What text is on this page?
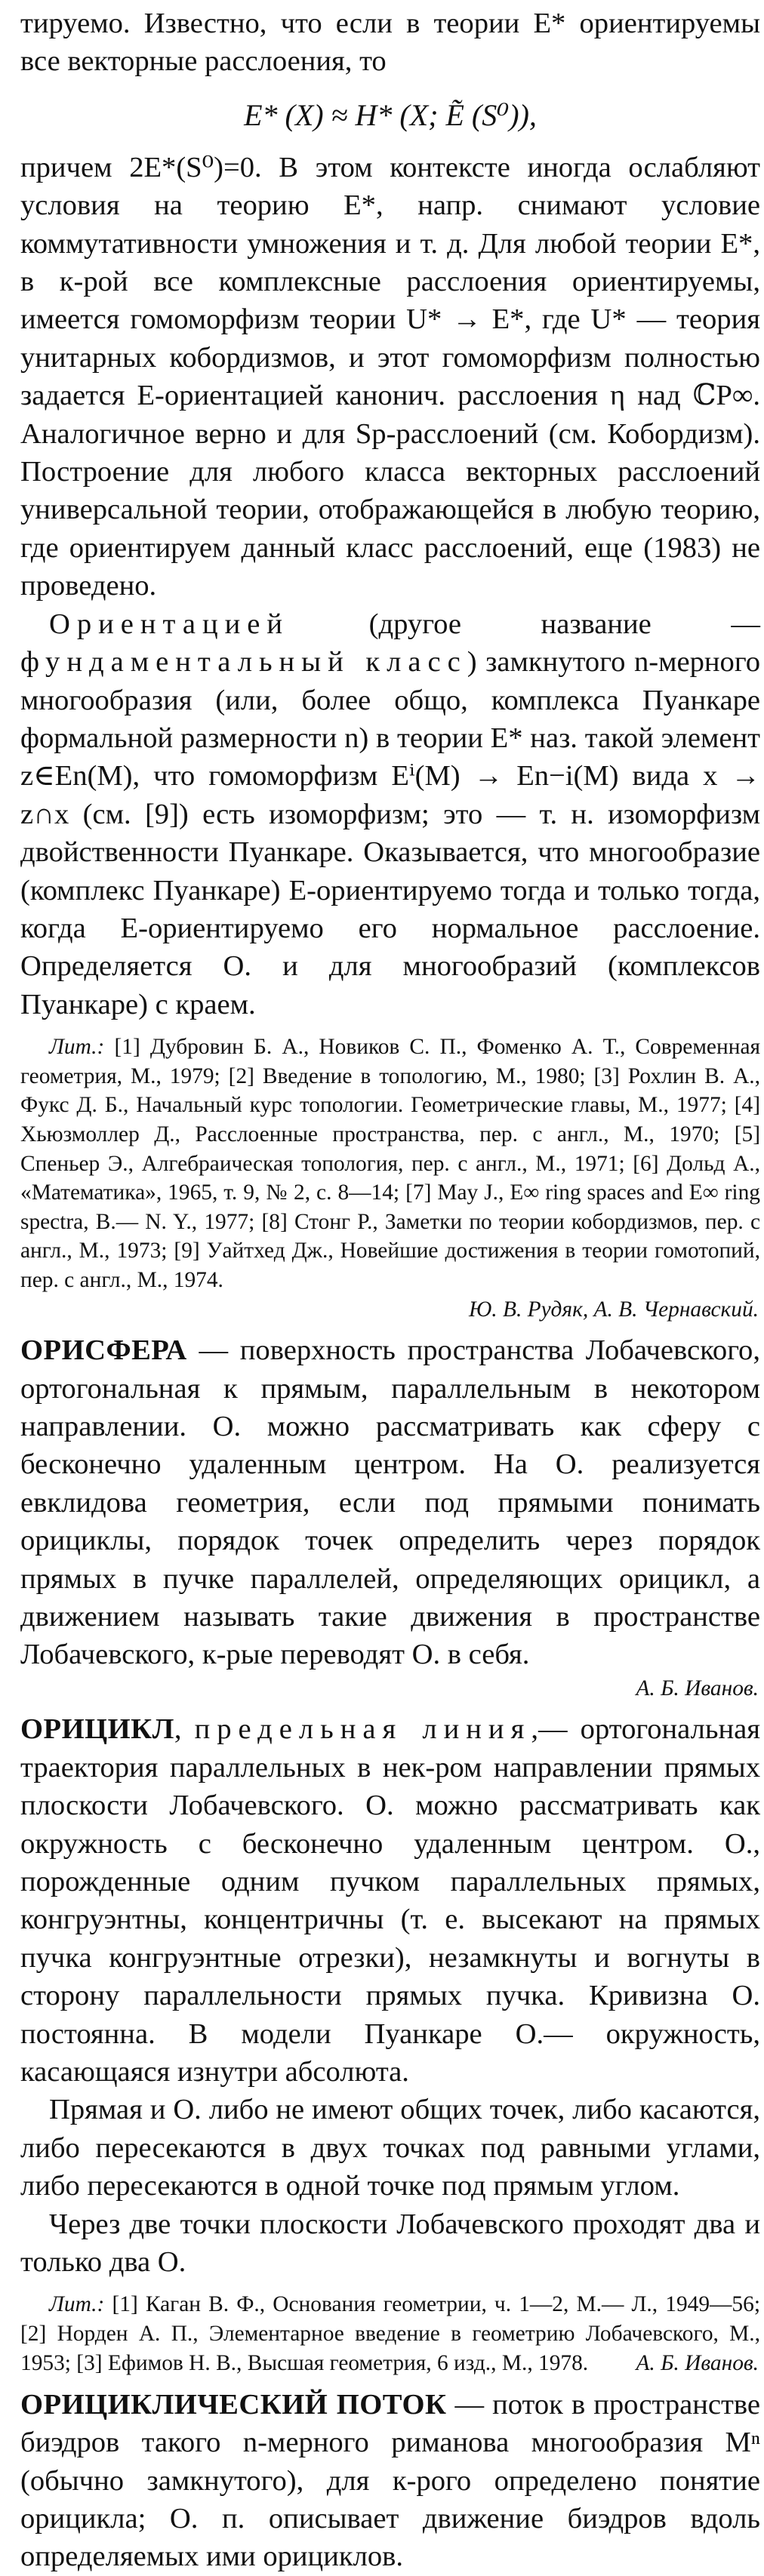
тируемо. Известно, что если в теории E* ориентируемы все векторные расслоения, то

E* (X) ≈ H* (X; Ẽ (S⁰)),

причем 2E*(S⁰)=0. В этом контексте иногда ослабляют условия на теорию E*, напр. снимают условие коммутативности умножения и т. д. Для любой теории E*, в к-рой все комплексные расслоения ориентируемы, имеется гомоморфизм теории U* → E*, где U* — теория унитарных кобордизмов, и этот гомоморфизм полностью задается E-ориентацией канонич. расслоения η над ℂP∞. Аналогичное верно и для Sp-расслоений (см. Кобордизм). Построение для любого класса векторных расслоений универсальной теории, отображающейся в любую теорию, где ориентируем данный класс расслоений, еще (1983) не проведено.

Ориентацией	(другое название — фундаментальный класс) замкнутого n-мерного многообразия (или, более общо, комплекса Пуанкаре формальной размерности n) в теории E* наз. такой элемент z∈En(M), что гомоморфизм Eⁱ(M) → En−i(M) вида x → z∩x (см. [9]) есть изоморфизм; это — т. н. изоморфизм двойственности Пуанкаре. Оказывается, что многообразие (комплекс Пуанкаре) E-ориентируемо тогда и только тогда, когда E-ориентируемо его нормальное расслоение. Определяется О. и для многообразий (комплексов Пуанкаре) с краем.

Лит.: [1] Дубровин Б. А., Новиков С. П., Фоменко А. Т., Современная геометрия, М., 1979; [2] Введение в топологию, М., 1980; [3] Рохлин В. А., Фукс Д. Б., Начальный курс топологии. Геометрические главы, М., 1977; [4] Хьюзмоллер Д., Расслоенные пространства, пер. с англ., М., 1970; [5] Спеньер Э., Алгебраическая топология, пер. с англ., М., 1971; [6] Дольд А., «Математика», 1965, т. 9, № 2, с. 8—14; [7] May J., E∞ ring spaces and E∞ ring spectra, B.— N. Y., 1977; [8] Стонг Р., Заметки по теории кобордизмов, пер. с англ., М., 1973; [9] Уайтхед Дж., Новейшие достижения в теории гомотопий, пер. с англ., М., 1974.

Ю. В. Рудяк, А. В. Чернавский.

ОРИСФЕРА — поверхность пространства Лобачевского, ортогональная к прямым, параллельным в некотором направлении. О. можно рассматривать как сферу с бесконечно удаленным центром. На О. реализуется евклидова геометрия, если под прямыми понимать орициклы, порядок точек определить через порядок прямых в пучке параллелей, определяющих орицикл, а движением называть такие движения в пространстве Лобачевского, к-рые переводят О. в себя.

А. Б. Иванов.

ОРИЦИКЛ, предельная линия,— ортогональная траектория параллельных в нек-ром направлении прямых плоскости Лобачевского. О. можно рассматривать как окружность с бесконечно удаленным центром. О., порожденные одним пучком параллельных прямых, конгруэнтны, концентричны (т. е. высекают на прямых пучка конгруэнтные отрезки), незамкнуты и вогнуты в сторону параллельности прямых пучка. Кривизна О. постоянна. В модели Пуанкаре О.— окружность, касающаяся изнутри абсолюта.

Прямая и О. либо не имеют общих точек, либо касаются, либо пересекаются в двух точках под равными углами, либо пересекаются в одной точке под прямым углом.

Через две точки плоскости Лобачевского проходят два и только два О.

Лит.: [1] Каган В. Ф., Основания геометрии, ч. 1—2, М.— Л., 1949—56; [2] Норден А. П., Элементарное введение в геометрию Лобачевского, М., 1953; [3] Ефимов Н. В., Высшая геометрия, 6 изд., М., 1978.	А. Б. Иванов.

ОРИЦИКЛИЧЕСКИЙ ПОТОК — поток в пространстве биэдров такого n-мерного риманова многообразия Mⁿ (обычно замкнутого), для к-рого определено понятие орицикла; О. п. описывает движение биэдров вдоль определяемых ими орициклов.
